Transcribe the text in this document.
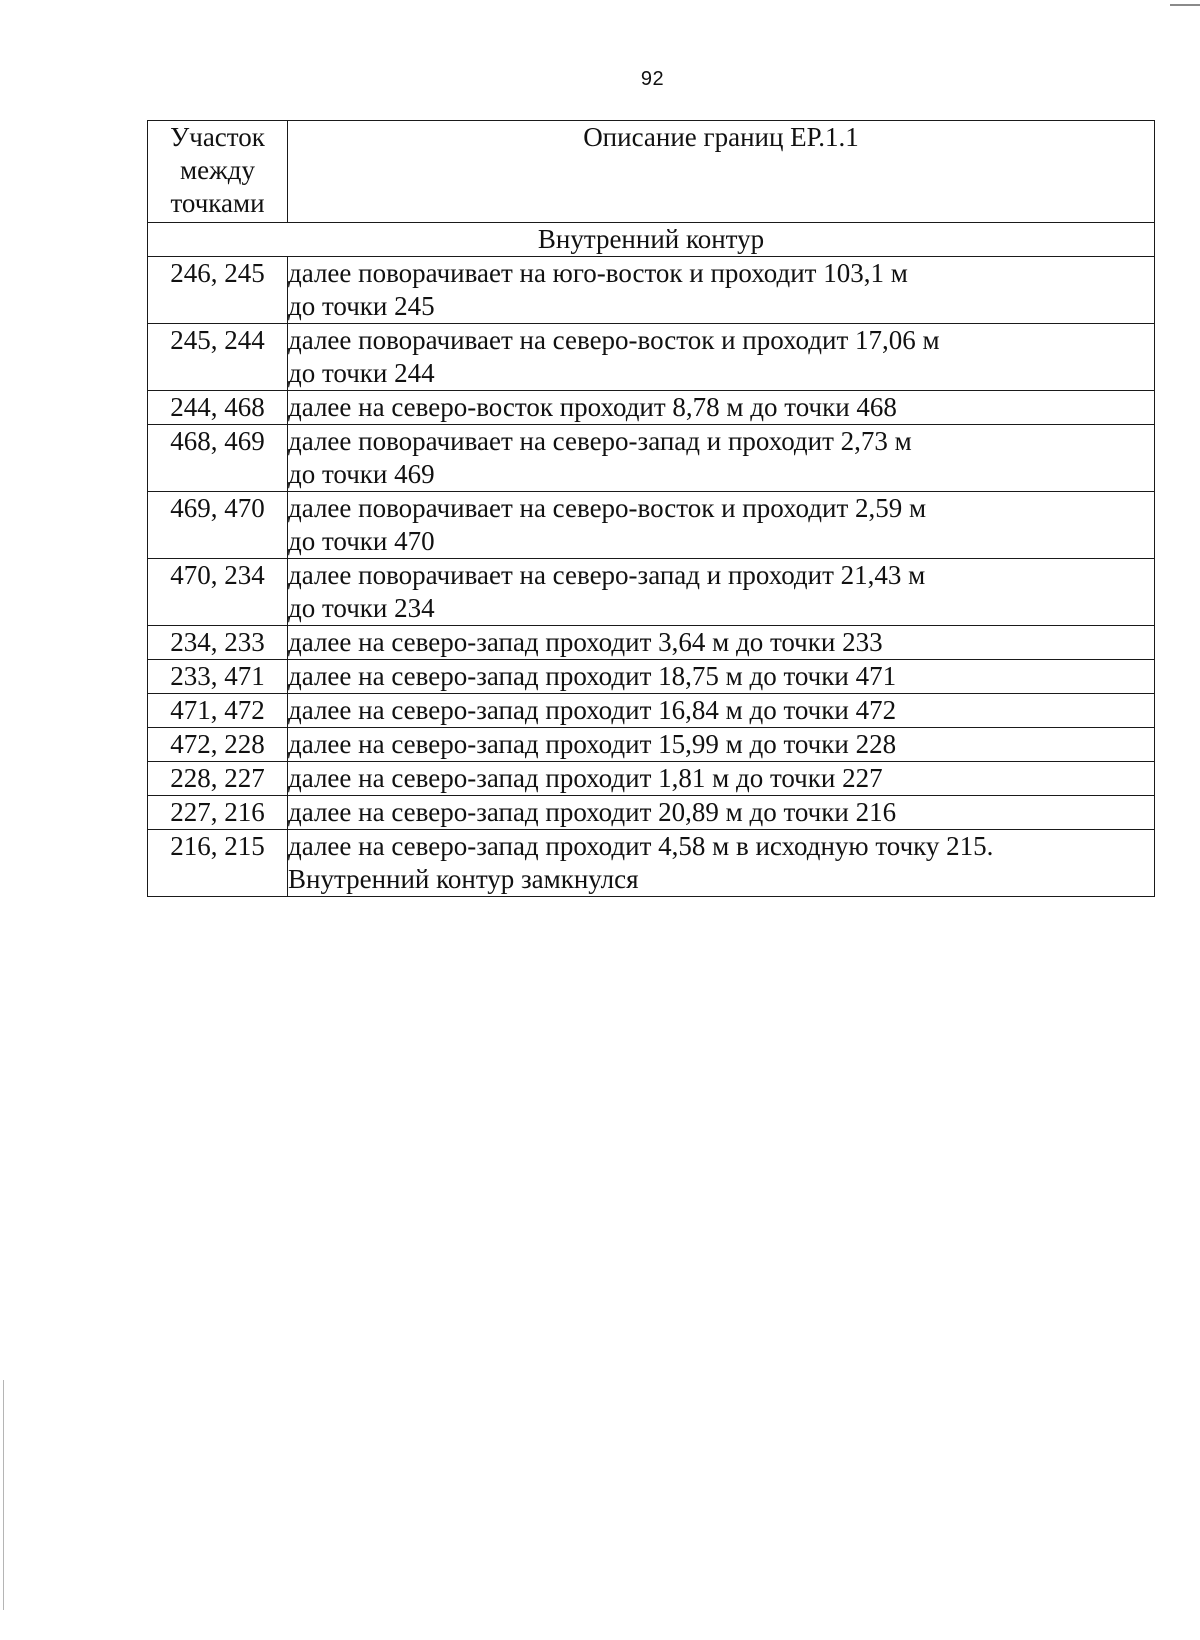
92
Участок
между
точками	Описание границ ЕР.1.1
Внутренний контур	
246, 245	далее поворачивает на юго-восток и проходит 103,1 м
до точки 245

245, 244	далее поворачивает на северо-восток и проходит 17,06 м
до точки 244

244, 468	далее на северо-восток проходит 8,78 м до точки 468

468, 469	далее поворачивает на северо-запад и проходит 2,73 м
до точки 469

469, 470	далее поворачивает на северо-восток и проходит 2,59 м
до точки 470

470, 234	далее поворачивает на северо-запад и проходит 21,43 м
до точки 234

234, 233	далее на северо-запад проходит 3,64 м до точки 233

233, 471	далее на северо-запад проходит 18,75 м до точки 471

471, 472	далее на северо-запад проходит 16,84 м до точки 472

472, 228	далее на северо-запад проходит 15,99 м до точки 228

228, 227	далее на северо-запад проходит 1,81 м до точки 227

227, 216	далее на северо-запад проходит 20,89 м до точки 216

216, 215	далее на северо-запад проходит 4,58 м в исходную точку 215.
Внутренний контур замкнулся
